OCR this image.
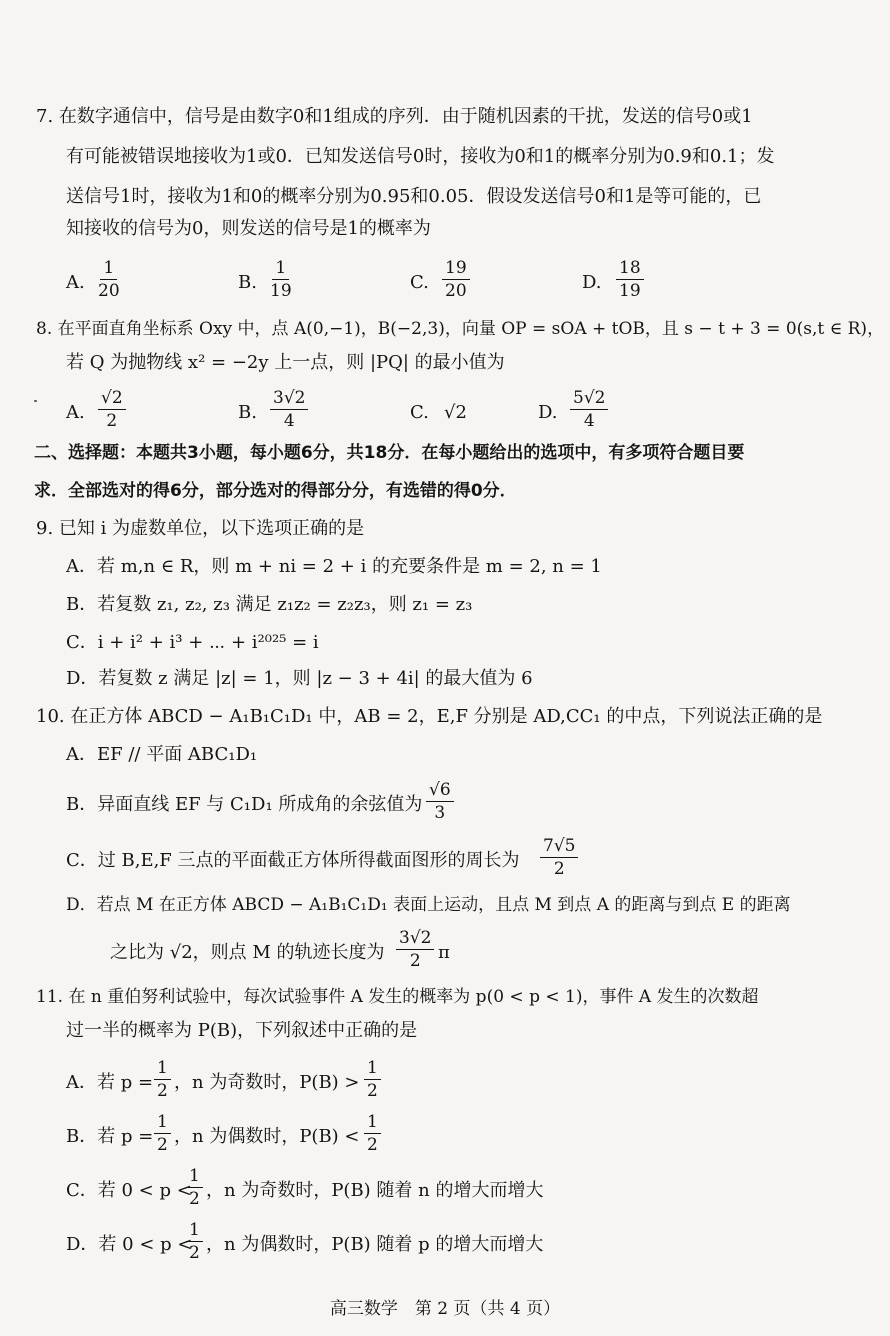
7. 在数字通信中，信号是由数字0和1组成的序列．由于随机因素的干扰，发送的信号0或1
有可能被错误地接收为1或0．已知发送信号0时，接收为0和1的概率分别为0.9和0.1；发
送信号1时，接收为1和0的概率分别为0.95和0.05．假设发送信号0和1是等可能的，已
知接收的信号为0，则发送的信号是1的概率为
A. $\frac{1}{20}$	B. $\frac{1}{19}$	C. $\frac{19}{20}$	D. $\frac{18}{19}$
8. 在平面直角坐标系 Oxy 中，点 A(0,−1)，B(−2,3)，向量 OP = sOA + tOB，且 s − t + 3 = 0(s,t ∈ R)，
若 Q 为抛物线 x² = −2y 上一点，则 |PQ| 的最小值为
A. $\frac{√2}{2}$	B. $\frac{3√2}{4}$	C. √2	D. $\frac{5√2}{4}$
二、选择题：本题共3小题，每小题6分，共18分．在每小题给出的选项中，有多项符合题目要
求．全部选对的得6分，部分选对的得部分分，有选错的得0分．
9. 已知 i 为虚数单位，以下选项正确的是
A．若 m,n ∈ R，则 m + ni = 2 + i 的充要条件是 m = 2, n = 1
B．若复数 z₁, z₂, z₃ 满足 z₁z₂ = z₂z₃，则 z₁ = z₃
C．i + i² + i³ + ⋯ + i²⁰²⁵ = i
D．若复数 z 满足 |z| = 1，则 |z − 3 + 4i| 的最大值为 6
10. 在正方体 ABCD − A₁B₁C₁D₁ 中，AB = 2，E,F 分别是 AD,CC₁ 的中点，下列说法正确的是
A．EF // 平面 ABC₁D₁
B．异面直线 EF 与 C₁D₁ 所成角的余弦值为 $\frac{√6}{3}$
C．过 B,E,F 三点的平面截正方体所得截面图形的周长为 $\frac{7√5}{2}$
D．若点 M 在正方体 ABCD − A₁B₁C₁D₁ 表面上运动，且点 M 到点 A 的距离与到点 E 的距离
之比为 √2，则点 M 的轨迹长度为 $\frac{3√2}{2}$ π
11. 在 n 重伯努利试验中，每次试验事件 A 发生的概率为 p(0 < p < 1)，事件 A 发生的次数超
过一半的概率为 P(B)，下列叙述中正确的是
A．若 $p = \frac{1}{2}$ ，n 为奇数时，$P(B) > \frac{1}{2}$
B．若 $p = \frac{1}{2}$ ，n 为偶数时，$P(B) < \frac{1}{2}$
C．若 0 < p <
$\frac{1}{2}$ ，n 为奇数时，P(B) 随着 n 的增大而增大
D．若 0 < p <
$\frac{1}{2}$ ，n 为偶数时，P(B) 随着 p 的增大而增大
高三数学　第 2 页（共 4 页）
